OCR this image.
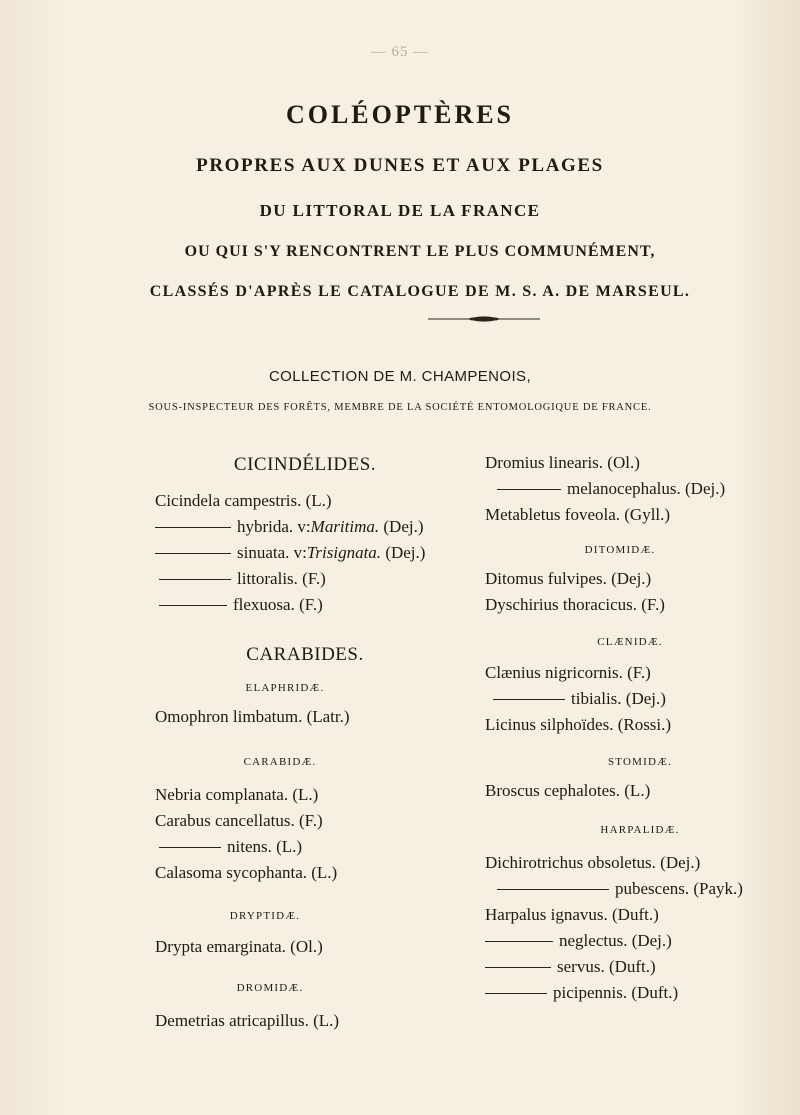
— 65 —
COLÉOPTÈRES
PROPRES AUX DUNES ET AUX PLAGES
DU LITTORAL DE LA FRANCE
OU QUI S'Y RENCONTRENT LE PLUS COMMUNÉMENT,
CLASSÉS D'APRÈS LE CATALOGUE DE M. S. A. DE MARSEUL.
COLLECTION DE M. CHAMPENOIS,
SOUS-INSPECTEUR DES FORÊTS, MEMBRE DE LA SOCIÉTÉ ENTOMOLOGIQUE DE FRANCE.
CICINDÉLIDES.
Cicindela campestris. (L.)
hybrida. v: Maritima. (Dej.)
sinuata. v: Trisignata. (Dej.)
littoralis. (F.)
flexuosa. (F.)
CARABIDES.
ELAPHRIDÆ.
Omophron limbatum. (Latr.)
CARABIDÆ.
Nebria complanata. (L.)
Carabus cancellatus. (F.)
nitens. (L.)
Calasoma sycophanta. (L.)
DRYPTIDÆ.
Drypta emarginata. (Ol.)
DROMIDÆ.
Demetrias atricapillus. (L.)
Dromius linearis. (Ol.)
melanocephalus. (Dej.)
Metabletus foveola. (Gyll.)
DITOMIDÆ.
Ditomus fulvipes. (Dej.)
Dyschirius thoracicus. (F.)
CLÆNIDÆ.
Clænius nigricornis. (F.)
tibialis. (Dej.)
Licinus silphoïdes. (Rossi.)
STOMIDÆ.
Broscus cephalotes. (L.)
HARPALIDÆ.
Dichirotrichus obsoletus. (Dej.)
pubescens. (Payk.)
Harpalus ignavus. (Duft.)
neglectus. (Dej.)
servus. (Duft.)
picipennis. (Duft.)
